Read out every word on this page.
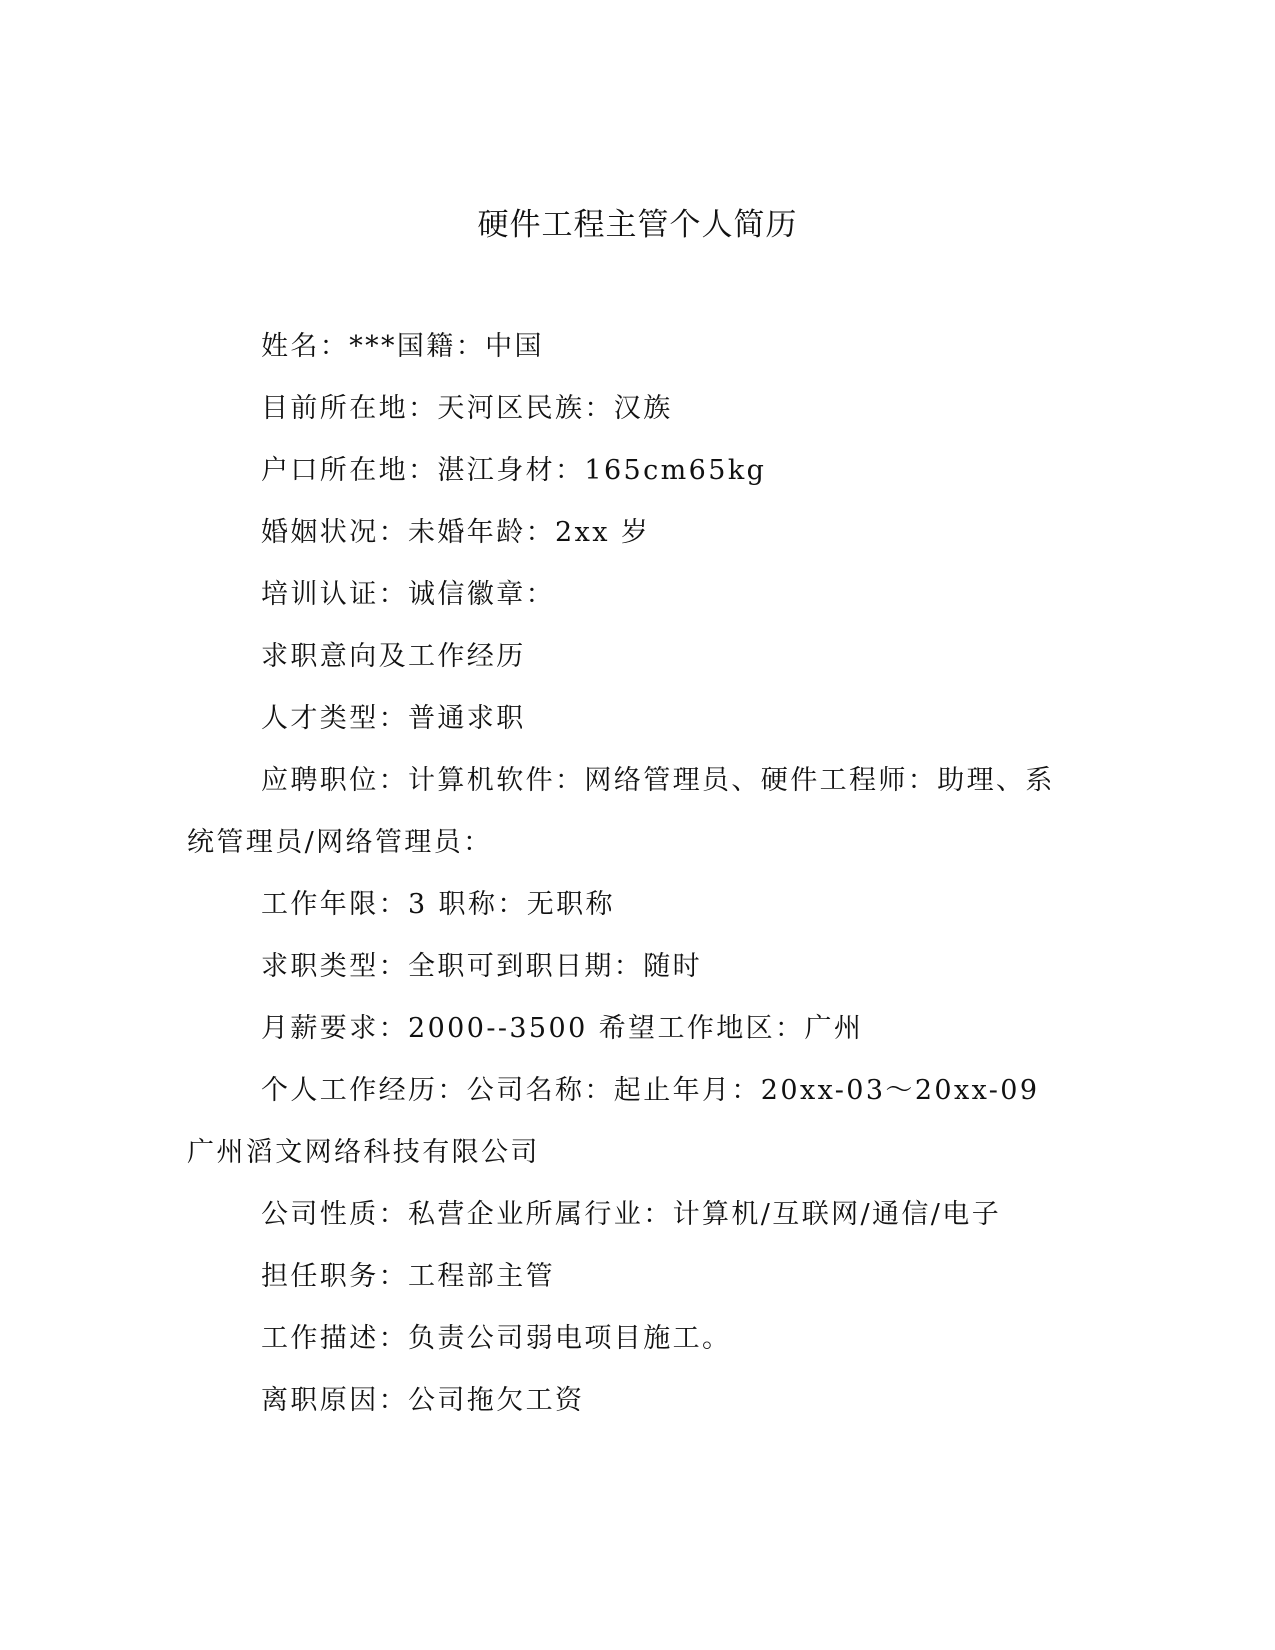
硬件工程主管个人简历

姓名：***国籍：中国

目前所在地：天河区民族：汉族

户口所在地：湛江身材：165cm65kg

婚姻状况：未婚年龄：2xx 岁

培训认证：诚信徽章：

求职意向及工作经历

人才类型：普通求职

应聘职位：计算机软件：网络管理员、硬件工程师：助理、系统管理员/网络管理员：

工作年限：3 职称：无职称

求职类型：全职可到职日期：随时

月薪要求：2000--3500 希望工作地区：广州

个人工作经历：公司名称：起止年月：20xx-03～20xx-09 广州滔文网络科技有限公司

公司性质：私营企业所属行业：计算机/互联网/通信/电子

担任职务：工程部主管

工作描述：负责公司弱电项目施工。

离职原因：公司拖欠工资
